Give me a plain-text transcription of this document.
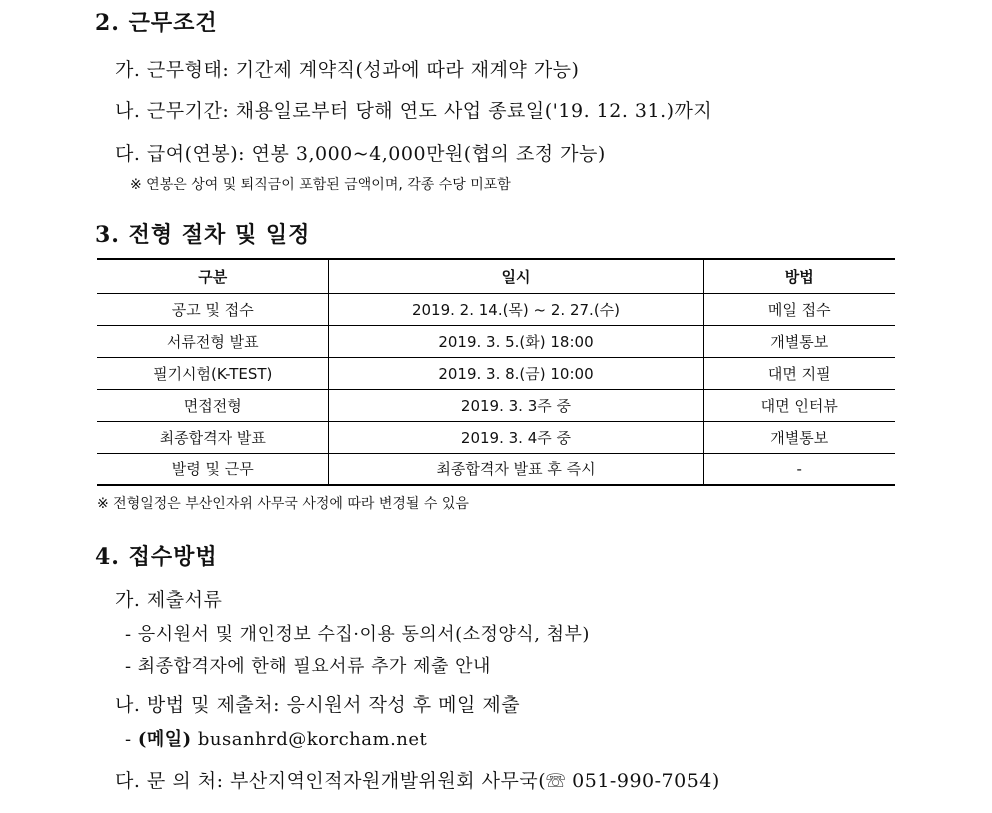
2. 근무조건
가. 근무형태: 기간제 계약직(성과에 따라 재계약 가능)
나. 근무기간: 채용일로부터 당해 연도 사업 종료일('19. 12. 31.)까지
다. 급여(연봉): 연봉 3,000~4,000만원(협의 조정 가능)
※ 연봉은 상여 및 퇴직금이 포함된 금액이며, 각종 수당 미포함
3. 전형 절차 및 일정
구분	일시	방법
공고 및 접수	2019. 2. 14.(목) ~ 2. 27.(수)	메일 접수
서류전형 발표	2019. 3. 5.(화) 18:00	개별통보
필기시험(K-TEST)	2019. 3. 8.(금) 10:00	대면 지필
면접전형	2019. 3. 3주 중	대면 인터뷰
최종합격자 발표	2019. 3. 4주 중	개별통보
발령 및 근무	최종합격자 발표 후 즉시	-
※ 전형일정은 부산인자위 사무국 사정에 따라 변경될 수 있음
4. 접수방법
가. 제출서류
- 응시원서 및 개인정보 수집·이용 동의서(소정양식, 첨부)
- 최종합격자에 한해 필요서류 추가 제출 안내
나. 방법 및 제출처: 응시원서 작성 후 메일 제출
- (메일) busanhrd@korcham.net
다. 문 의 처: 부산지역인적자원개발위원회 사무국(☏ 051-990-7054)
